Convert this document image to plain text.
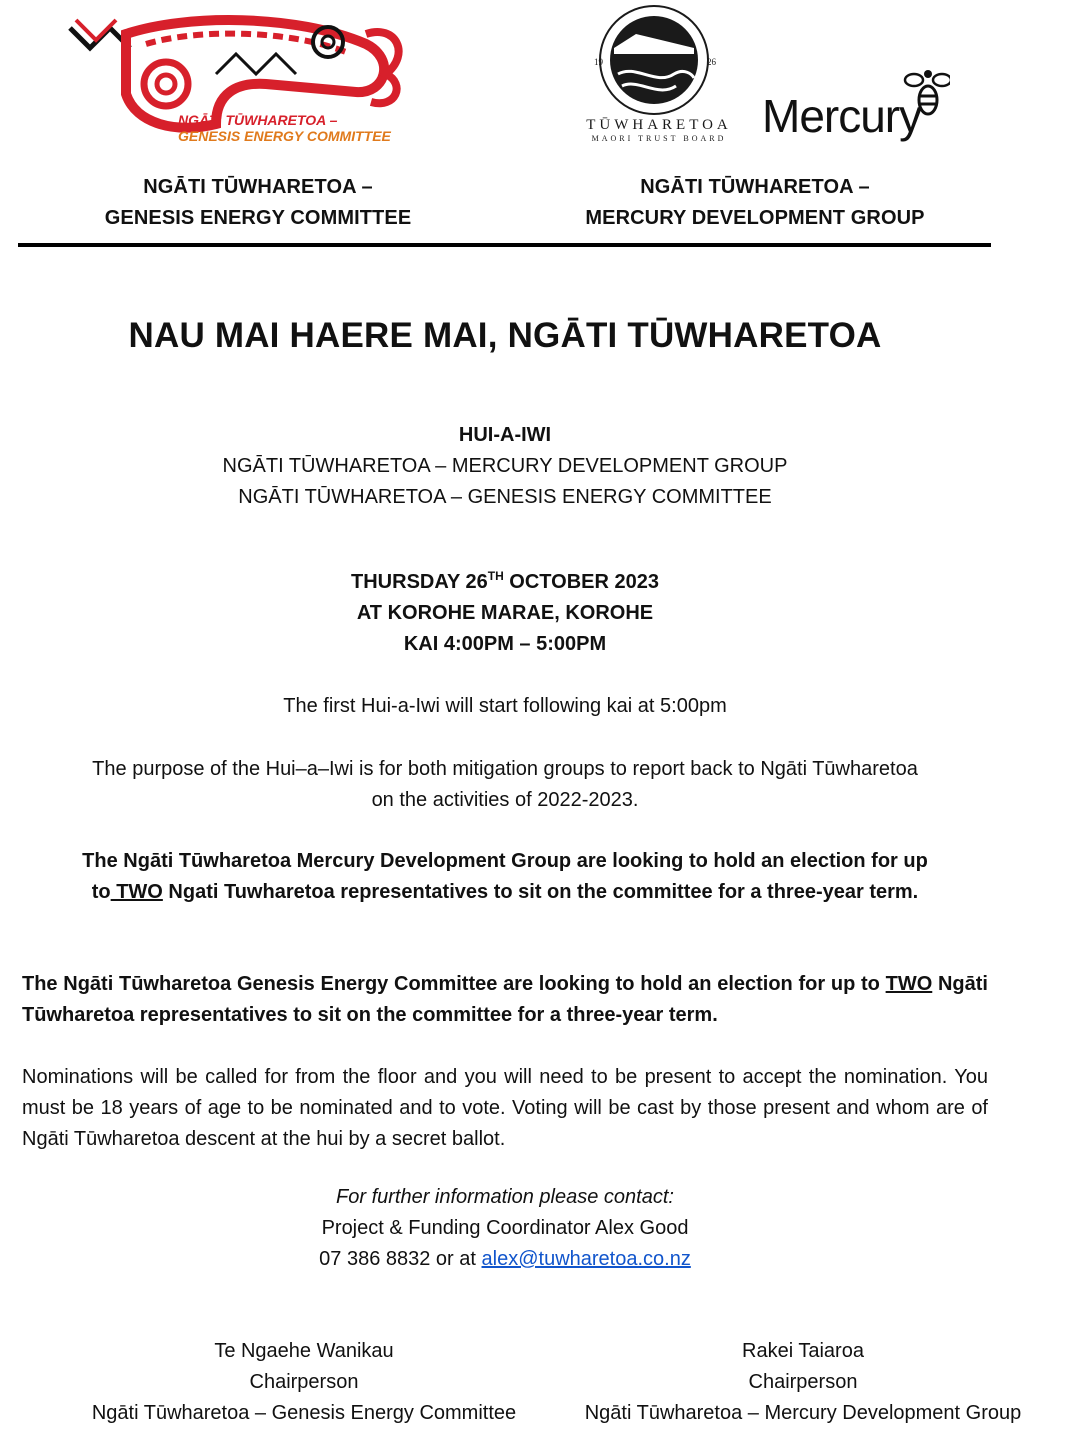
NGĀTI TŪWHARETOA –
GENESIS ENERGY COMMITTEE
19	26
TŪWHARETOA
MAORI TRUST BOARD Mercury
NGĀTI TŪWHARETOA –
GENESIS ENERGY COMMITTEE
NGĀTI TŪWHARETOA –
MERCURY DEVELOPMENT GROUP
NAU MAI HAERE MAI, NGĀTI TŪWHARETOA
HUI-A-IWI
NGĀTI TŪWHARETOA – MERCURY DEVELOPMENT GROUP
NGĀTI TŪWHARETOA – GENESIS ENERGY COMMITTEE
THURSDAY 26TH OCTOBER 2023
AT KOROHE MARAE, KOROHE
KAI 4:00PM – 5:00PM
The first Hui-a-Iwi will start following kai at 5:00pm
The purpose of the Hui–a–Iwi is for both mitigation groups to report back to Ngāti Tūwharetoa
on the activities of 2022-2023.
The Ngāti Tūwharetoa Mercury Development Group are looking to hold an election for up
to TWO Ngati Tuwharetoa representatives to sit on the committee for a three-year term.
The Ngāti Tūwharetoa Genesis Energy Committee are looking to hold an election for up to TWO Ngāti Tūwharetoa representatives to sit on the committee for a three-year term.
Nominations will be called for from the floor and you will need to be present to accept the nomination. You must be 18 years of age to be nominated and to vote. Voting will be cast by those present and whom are of Ngāti Tūwharetoa descent at the hui by a secret ballot.
For further information please contact:
Project & Funding Coordinator Alex Good
07 386 8832 or at alex@tuwharetoa.co.nz
Te Ngaehe Wanikau
Chairperson
Ngāti Tūwharetoa – Genesis Energy Committee
Rakei Taiaroa
Chairperson
Ngāti Tūwharetoa – Mercury Development Group
